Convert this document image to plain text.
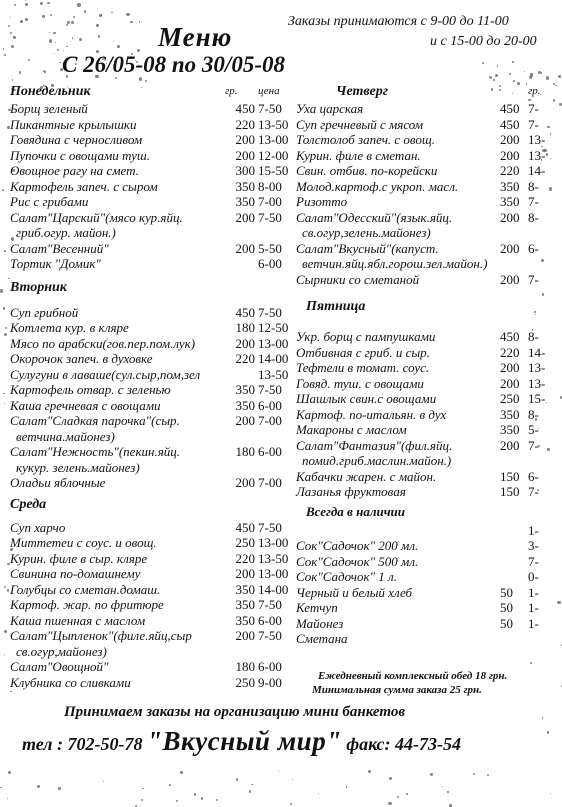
Меню
С 26/05-08 по 30/05-08
Заказы принимаются с 9-00 до 11-00
и с 15-00 до 20-00
гр. цена
Понедельник
Борщ зеленый	450 7-50
Пикантные крылышки	220 13-50
Говядина с черносливом	200 13-00
Пупочки с овощами туш.	200 12-00
Овощное рагу на смет.	300 15-50
Картофель запеч. с сыром	350 8-00
Рис с грибами	350 7-00
Салат"Царский"(мясо кур.яйц.	200 7-50
гриб.огур. майон.)
Салат"Весенний"	200 5-50
Тортик "Домик"	6-00
Вторник
Суп грибной	450 7-50
Котлета кур. в кляре	180 12-50
Мясо по арабски(гов.пер.пом.лук)	200 13-00
Окорочок запеч. в духовке	220 14-00
Сулугуни в лаваше(сул.сыр,пом,зел	13-50
Картофель отвар. с зеленью	350 7-50
Каша гречневая с овощами	350 6-00
Салат"Сладкая парочка"(сыр.	200 7-00
ветчина.майонез)
Салат"Нежность"(пекин.яйц.	180 6-00
кукур. зелень.майонез)
Оладьи яблочные	200 7-00
Среда
Суп харчо	450 7-50
Миттетеи с соус. и овощ.	250 13-00
Курин. филе в сыр. кляре	220 13-50
Свинина по-домашнему	200 13-00
Голубцы со сметан.домаш.	350 14-00
Картоф. жар. по фритюре	350 7-50
Каша пшенная с маслом	350 6-00
Салат"Цыпленок"(филе.яйц,сыр	200 7-50
св.огур,майонез)
Салат"Овощной"	180 6-00
Клубника со сливками	250 9-00
гр.
Четверг
Уха царская	450 7-
Суп гречневый с мясом	450 7-
Толстолоб запеч. с овощ.	200 13-
Курин. филе в сметан.	200 13-
Свин. отбив. по-корейски	220 14-
Молод.картоф.с укроп. масл.	350 8-
Ризотто	350 7-
Салат"Одесский"(язык.яйц.	200 8-
св.огур,зелень.майонез)
Салат"Вкусный"(капуст.	200 6-
ветчин.яйц.ябл.горош.зел.майон.)
Сырники со сметаной	200 7-
Пятница
Укр. борщ с пампушками	450 8-
Отбивная с гриб. и сыр.	220 14-
Тефтели в томат. соус.	200 13-
Говяд. туш. с овощами	200 13-
Шашлык свин.с овощами	250 15-
Картоф. по-итальян. в дух	350 8-
Макароны с маслом	350 5-
Салат"Фантазия"(фил.яйц.	200 7-
помид.гриб.маслин.майон.)
Кабачки жарен. с майон.	150 6-
Лазанья фруктовая	150 7-
Всегда в наличии
1-
Сок"Садочок" 200 мл.	3-
Сок"Садочок" 500 мл.	7-
Сок"Садочок" 1 л.	0-
Черный и белый хлеб	50 1-
Кетчуп	50 1-
Майонез	50 1-
Сметана
Ежедневный комплексный обед 18 грн.
Минимальная сумма заказа 25 грн.
Принимаем заказы на организацию мини банкетов
тел : 702-50-78 "Вкусный мир" факс: 44-73-54
